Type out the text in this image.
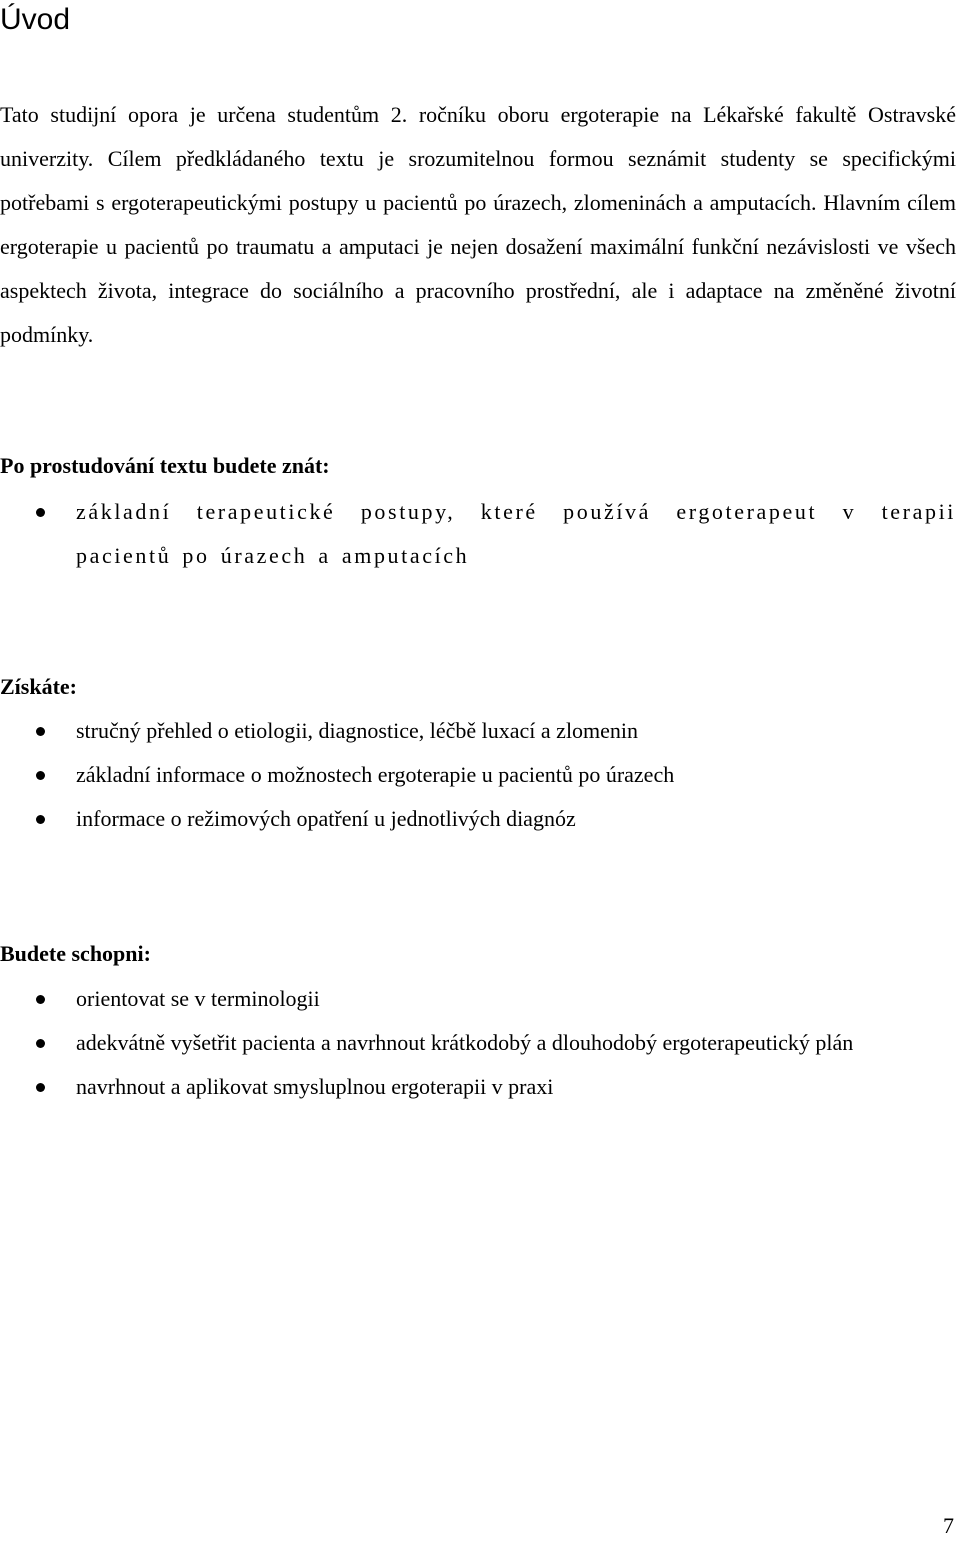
Úvod

Tato studijní opora je určena studentům 2. ročníku oboru ergoterapie na Lékařské fakultě Ostravské univerzity. Cílem předkládaného textu je srozumitelnou formou seznámit studenty se specifickými potřebami s ergoterapeutickými postupy u pacientů po úrazech, zlomeninách a amputacích. Hlavním cílem ergoterapie u pacientů po traumatu a amputaci je nejen dosažení maximální funkční nezávislosti ve všech aspektech života, integrace do sociálního a pracovního prostřední, ale i adaptace na změněné životní podmínky.

Po prostudování textu budete znát:
základní terapeutické postupy, které používá ergoterapeut v terapii pacientů po úrazech a amputacích
Získáte:
stručný přehled o etiologii, diagnostice, léčbě luxací a zlomenin
základní informace o možnostech ergoterapie u pacientů po úrazech
informace o režimových opatření u jednotlivých diagnóz
Budete schopni:
orientovat se v terminologii
adekvátně vyšetřit pacienta a navrhnout krátkodobý a dlouhodobý ergoterapeutický plán
navrhnout a aplikovat smysluplnou ergoterapii v praxi

7
